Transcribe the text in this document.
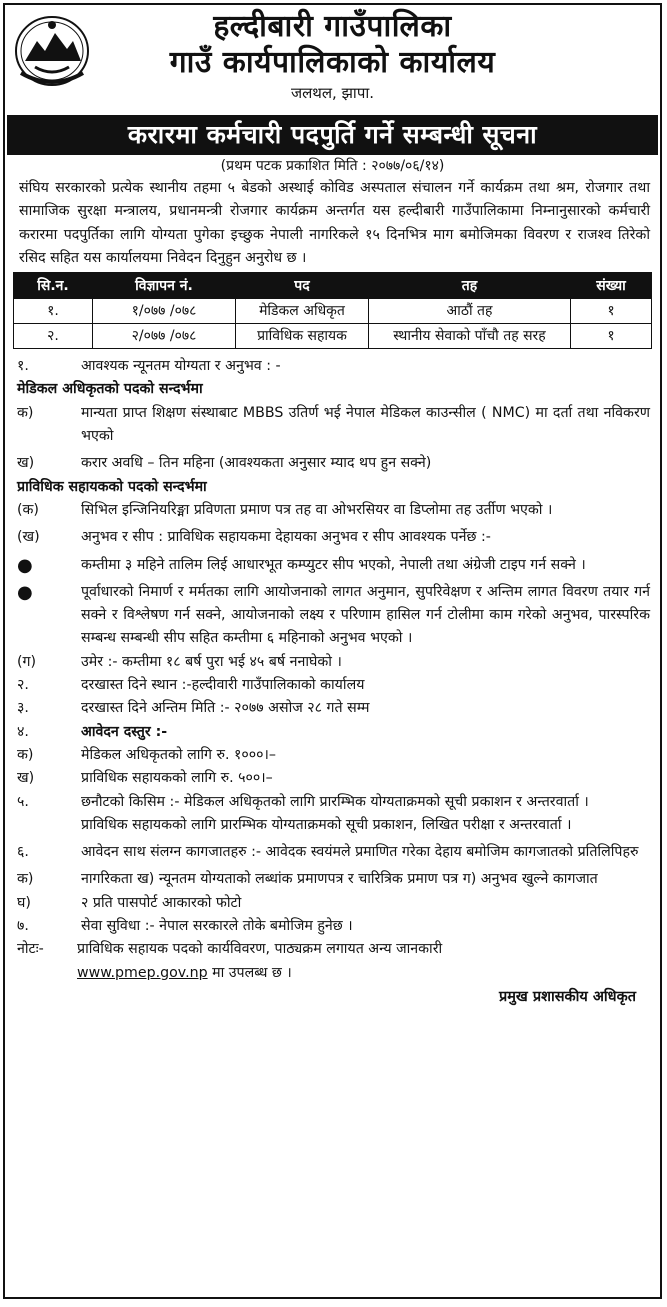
हल्दीबारी गाउँपालिका
गाउँ कार्यपालिकाको कार्यालय
जलथल, झापा.
करारमा कर्मचारी पदपुर्ति गर्ने सम्बन्धी सूचना
(प्रथम पटक प्रकाशित मिति : २०७७/०६/१४)
संघिय सरकारको प्रत्येक स्थानीय तहमा ५ बेडको अस्थाई कोविड अस्पताल संचालन गर्ने कार्यक्रम तथा श्रम, रोजगार तथा सामाजिक सुरक्षा मन्त्रालय, प्रधानमन्त्री रोजगार कार्यक्रम अन्तर्गत यस हल्दीबारी गाउँपालिकामा निम्नानुसारको कर्मचारी करारमा पदपुर्तिका लागि योग्यता पुगेका इच्छुक नेपाली नागरिकले १५ दिनभित्र माग बमोजिमका विवरण र राजश्व तिरेको रसिद सहित यस कार्यालयमा निवेदन दिनुहुन अनुरोध छ ।
सि.न.	विज्ञापन नं.	पद	तह	संख्या
१.	१/०७७ /०७८	मेडिकल अधिकृत	आठौं तह	१
२.	२/०७७ /०७८	प्राविधिक सहायक	स्थानीय सेवाको पाँचौ तह सरह	१
१.	आवश्यक न्यूनतम योग्यता र अनुभव : -
मेडिकल अधिकृतको पदको सन्दर्भमा
क)	मान्यता प्राप्त शिक्षण संस्थाबाट MBBS उतिर्ण भई नेपाल मेडिकल काउन्सील ( NMC) मा दर्ता तथा नविकरण भएको
ख)	करार अवधि – तिन महिना (आवश्यकता अनुसार म्याद थप हुन सक्ने)
प्राविधिक सहायकको पदको सन्दर्भमा
(क)	सिभिल इन्जिनियरिङ्मा प्रविणता प्रमाण पत्र तह वा ओभरसियर वा डिप्लोमा तह उर्तीण भएको ।
(ख)	अनुभव र सीप : प्राविधिक सहायकमा देहायका अनुभव र सीप आवश्यक पर्नेछ :-
●	कम्तीमा ३ महिने तालिम लिई आधारभूत कम्प्युटर सीप भएको, नेपाली तथा अंग्रेजी टाइप गर्न सक्ने ।
●	पूर्वाधारको निमार्ण र मर्मतका लागि आयोजनाको लागत अनुमान, सुपरिवेक्षण र अन्तिम लागत विवरण तयार गर्न सक्ने र विश्लेषण गर्न सक्ने, आयोजनाको लक्ष्य र परिणाम हासिल गर्न टोलीमा काम गरेको अनुभव, पारस्परिक सम्बन्ध सम्बन्धी सीप सहित कम्तीमा ६ महिनाको अनुभव भएको ।
(ग)	उमेर :- कम्तीमा १८ बर्ष पुरा भई ४५ बर्ष ननाघेको ।
२.	दरखास्त दिने स्थान :-हल्दीवारी गाउँपालिकाको कार्यालय
३.	दरखास्त दिने अन्तिम मिति :- २०७७ असोज २८ गते सम्म
४.	आवेदन दस्तुर :-
क)	मेडिकल अधिकृतको लागि रु. १०००।–
ख)	प्राविधिक सहायकको लागि रु. ५००।–
५.	छनौटको किसिम :- मेडिकल अधिकृतको लागि प्रारम्भिक योग्यताक्रमको सूची प्रकाशन र अन्तरवार्ता ।
प्राविधिक सहायकको लागि प्रारम्भिक योग्यताक्रमको सूची प्रकाशन, लिखित परीक्षा र अन्तरवार्ता ।
६.	आवेदन साथ संलग्न कागजातहरु :- आवेदक स्वयंमले प्रमाणित गरेका देहाय बमोजिम कागजातको प्रतिलिपिहरु
क)	नागरिकता ख) न्यूनतम योग्यताको लब्धांक प्रमाणपत्र र चारित्रिक प्रमाण पत्र ग) अनुभव खुल्ने कागजात
घ)	२ प्रति पासपोर्ट आकारको फोटो
७.	सेवा सुविधा :- नेपाल सरकारले तोके बमोजिम हुनेछ ।
नोटः-	प्राविधिक सहायक पदको कार्यविवरण, पाठ्यक्रम लगायत अन्य जानकारी
www.pmep.gov.np मा उपलब्ध छ ।
प्रमुख प्रशासकीय अधिकृत
